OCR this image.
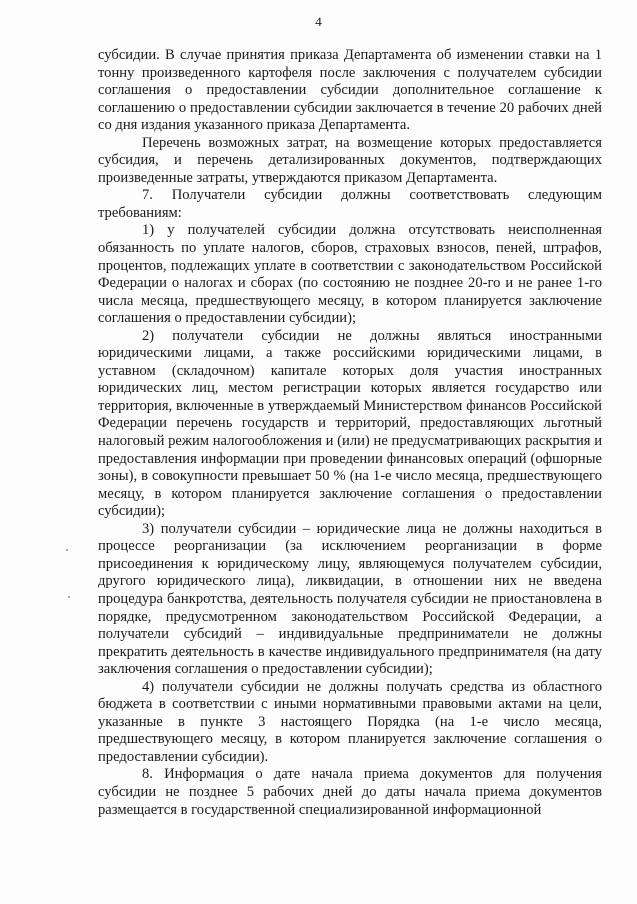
4

субсидии. В случае принятия приказа Департамента об изменении ставки на 1 тонну произведенного картофеля после заключения с получателем субсидии соглашения о предоставлении субсидии дополнительное соглашение к соглашению о предоставлении субсидии заключается в течение 20 рабочих дней со дня издания указанного приказа Департамента.

Перечень возможных затрат, на возмещение которых предоставляется субсидия, и перечень детализированных документов, подтверждающих произведенные затраты, утверждаются приказом Департамента.

7. Получатели субсидии должны соответствовать следующим требованиям:

1) у получателей субсидии должна отсутствовать неисполненная обязанность по уплате налогов, сборов, страховых взносов, пеней, штрафов, процентов, подлежащих уплате в соответствии с законодательством Российской Федерации о налогах и сборах (по состоянию не позднее 20-го и не ранее 1-го числа месяца, предшествующего месяцу, в котором планируется заключение соглашения о предоставлении субсидии);

2) получатели субсидии не должны являться иностранными юридическими лицами, а также российскими юридическими лицами, в уставном (складочном) капитале которых доля участия иностранных юридических лиц, местом регистрации которых является государство или территория, включенные в утверждаемый Министерством финансов Российской Федерации перечень государств и территорий, предоставляющих льготный налоговый режим налогообложения и (или) не предусматривающих раскрытия и предоставления информации при проведении финансовых операций (офшорные зоны), в совокупности превышает 50 % (на 1-е число месяца, предшествующего месяцу, в котором планируется заключение соглашения о предоставлении субсидии);

3) получатели субсидии – юридические лица не должны находиться в процессе реорганизации (за исключением реорганизации в форме присоединения к юридическому лицу, являющемуся получателем субсидии, другого юридического лица), ликвидации, в отношении них не введена процедура банкротства, деятельность получателя субсидии не приостановлена в порядке, предусмотренном законодательством Российской Федерации, а получатели субсидий – индивидуальные предприниматели не должны прекратить деятельность в качестве индивидуального предпринимателя (на дату заключения соглашения о предоставлении субсидии);

4) получатели субсидии не должны получать средства из областного бюджета в соответствии с иными нормативными правовыми актами на цели, указанные в пункте 3 настоящего Порядка (на 1-е число месяца, предшествующего месяцу, в котором планируется заключение соглашения о предоставлении субсидии).

8. Информация о дате начала приема документов для получения субсидии не позднее 5 рабочих дней до даты начала приема документов размещается в государственной специализированной информационной
